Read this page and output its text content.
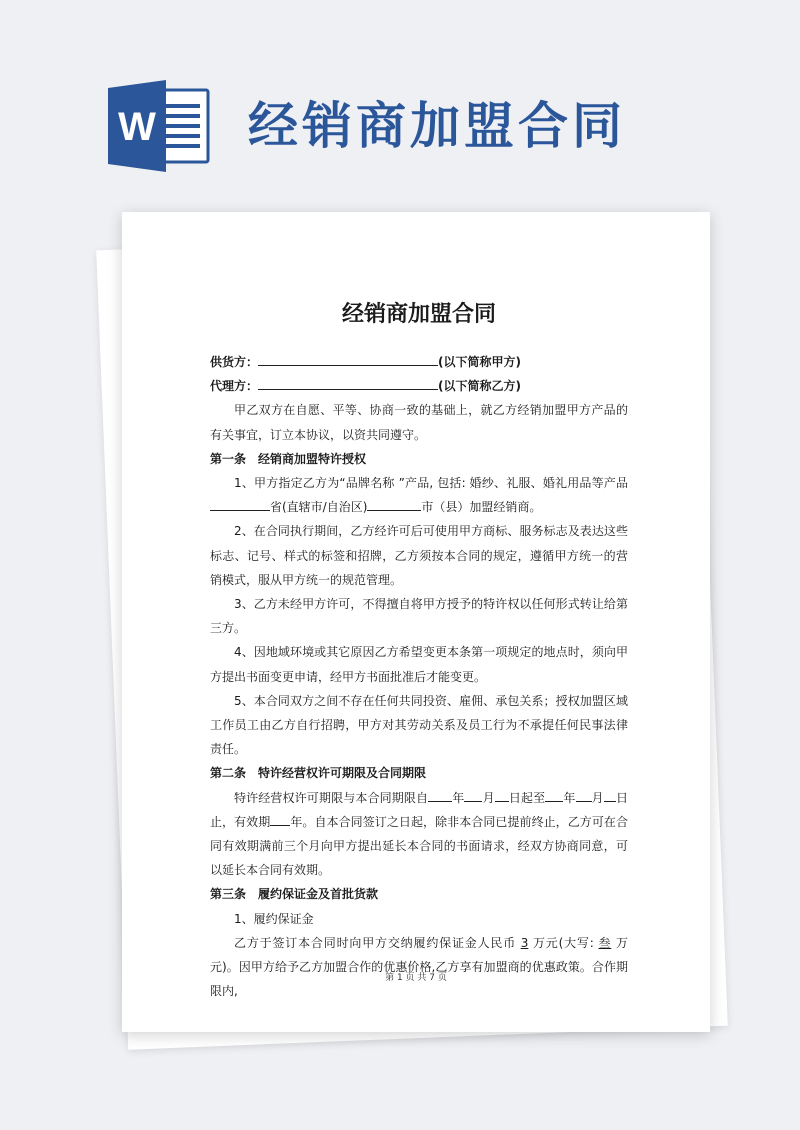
W 经销商加盟合同

经销商加盟合同

供货方：	(以下简称甲方)

代理方：	(以下简称乙方)

甲乙双方在自愿、平等、协商一致的基础上，就乙方经销加盟甲方产品的有关事宜，订立本协议，以资共同遵守。

第一条　经销商加盟特许授权

1、甲方指定乙方为“品牌名称 ”产品, 包括: 婚纱、礼服、婚礼用品等产品省(直辖市/自治区)	市（县）加盟经销商。

2、在合同执行期间，乙方经许可后可使用甲方商标、服务标志及表达这些标志、记号、样式的标签和招牌，乙方须按本合同的规定，遵循甲方统一的营销模式，服从甲方统一的规范管理。

3、乙方未经甲方许可，不得擅自将甲方授予的特许权以任何形式转让给第三方。

4、因地域环境或其它原因乙方希望变更本条第一项规定的地点时，须向甲方提出书面变更申请，经甲方书面批准后才能变更。

5、本合同双方之间不存在任何共同投资、雇佣、承包关系；授权加盟区域工作员工由乙方自行招聘，甲方对其劳动关系及员工行为不承提任何民事法律责任。

第二条　特许经营权许可期限及合同期限

特许经营权许可期限与本合同期限自 年 月 日起至 年 月 日止，有效期 年。自本合同签订之日起，除非本合同已提前终止，乙方可在合同有效期满前三个月向甲方提出延长本合同的书面请求，经双方协商同意，可以延长本合同有效期。

第三条　履约保证金及首批货款

1、履约保证金

乙方于签订本合同时向甲方交纳履约保证金人民币 3 万元(大写: 叁 万元)。因甲方给予乙方加盟合作的优惠价格,乙方享有加盟商的优惠政策。合作期限内,

第 1 页 共 7 页
